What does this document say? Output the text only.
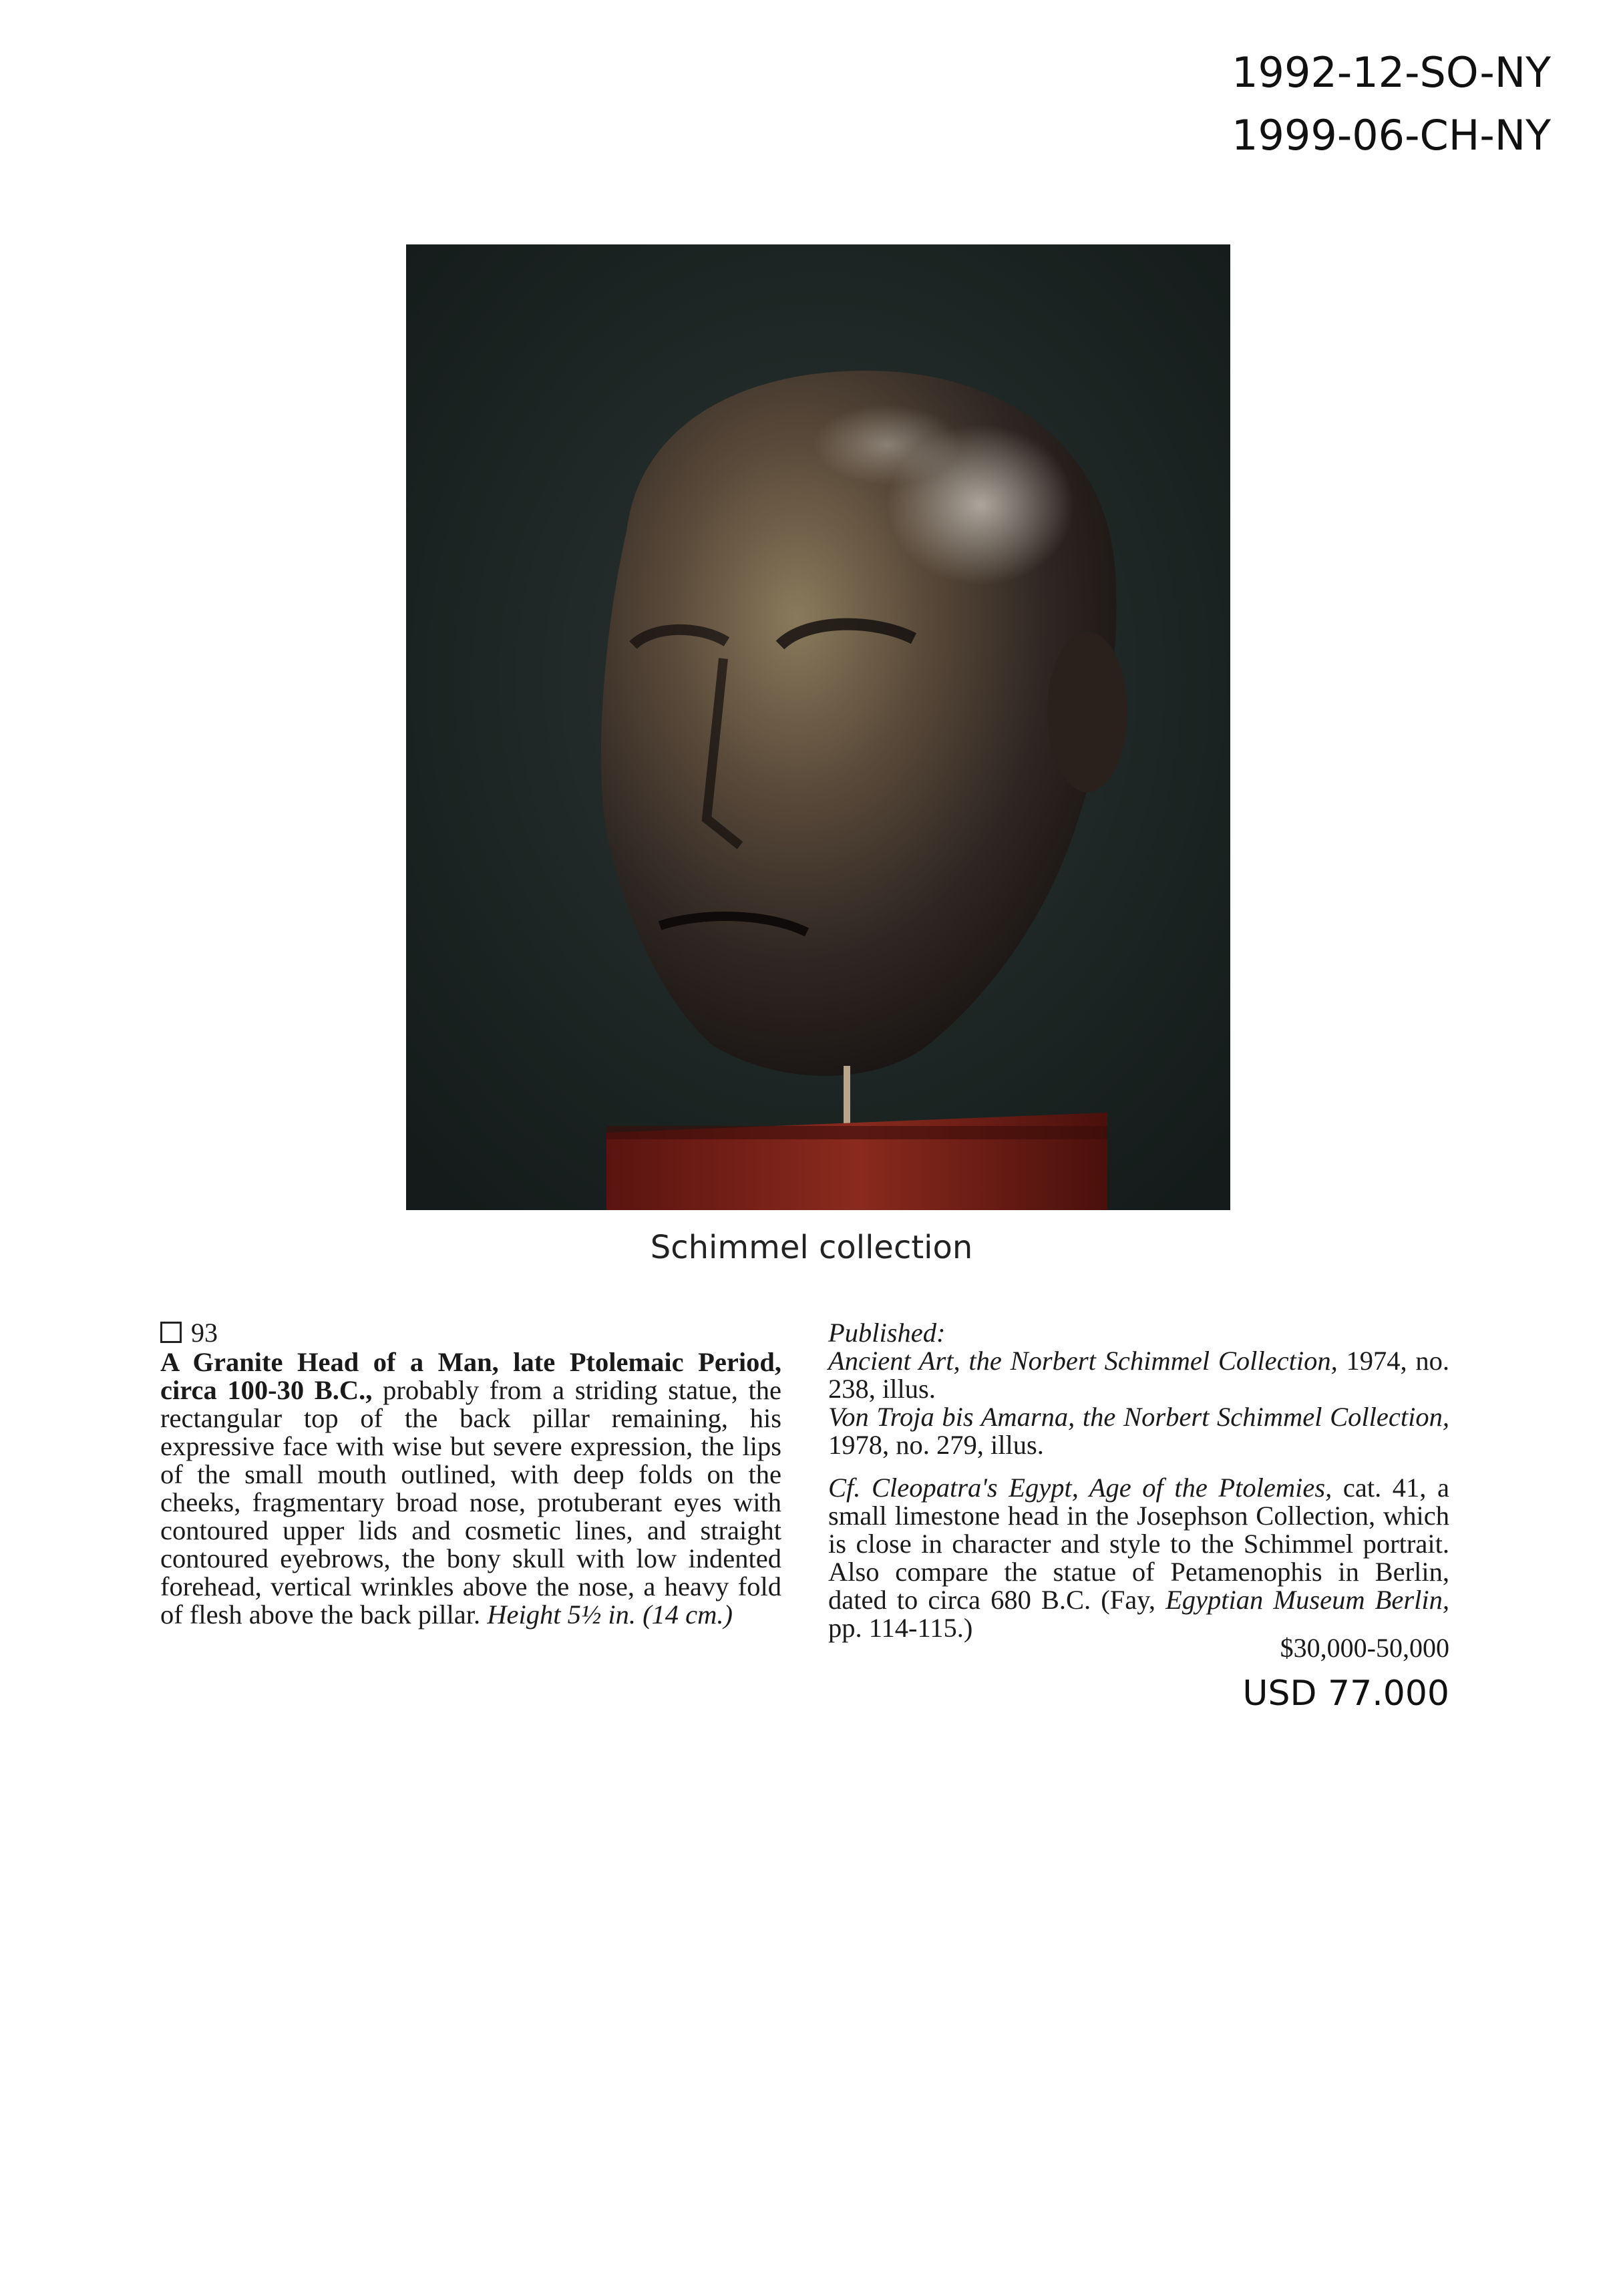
1992-12-SO-NY
1999-06-CH-NY
Schimmel collection
93
A Granite Head of a Man, late Ptolemaic Period, circa 100-30 B.C., probably from a striding statue, the rectangular top of the back pillar remaining, his expressive face with wise but severe expression, the lips of the small mouth outlined, with deep folds on the cheeks, fragmentary broad nose, protuberant eyes with contoured upper lids and cosmetic lines, and straight contoured eyebrows, the bony skull with low indented forehead, vertical wrinkles above the nose, a heavy fold of flesh above the back pillar. Height 5½ in. (14 cm.)
Published:
Ancient Art, the Norbert Schimmel Collection, 1974, no. 238, illus.
Von Troja bis Amarna, the Norbert Schimmel Collection, 1978, no. 279, illus.
Cf. Cleopatra's Egypt, Age of the Ptolemies, cat. 41, a small limestone head in the Josephson Collection, which is close in character and style to the Schimmel portrait. Also compare the statue of Petamenophis in Berlin, dated to circa 680 B.C. (Fay, Egyptian Museum Berlin, pp. 114-115.)
$30,000-50,000
USD 77.000
